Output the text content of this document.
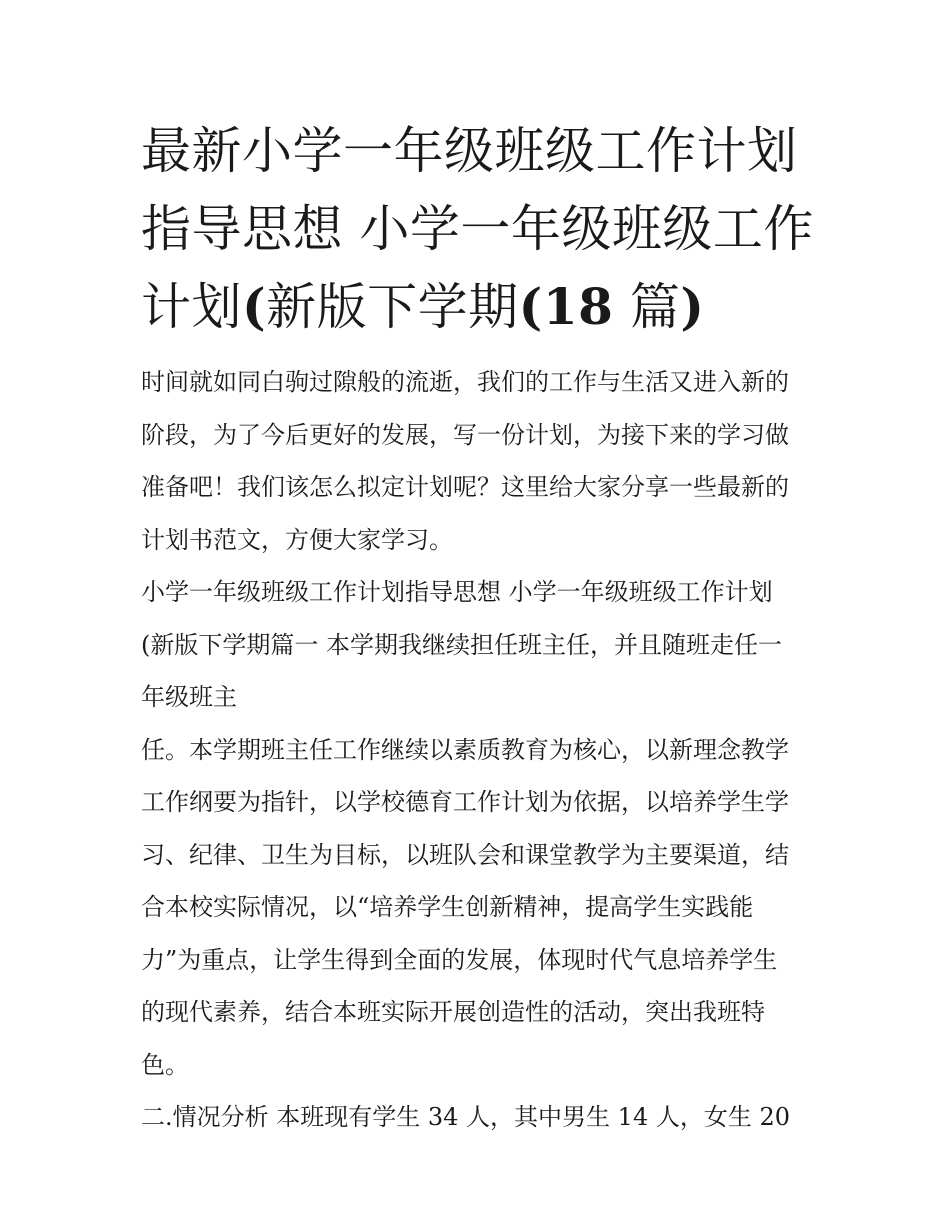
最新小学一年级班级工作计划
指导思想 小学一年级班级工作
计划(新版下学期(18 篇)

时间就如同白驹过隙般的流逝，我们的工作与生活又进入新的
阶段，为了今后更好的发展，写一份计划，为接下来的学习做
准备吧！我们该怎么拟定计划呢？这里给大家分享一些最新的
计划书范文，方便大家学习。

小学一年级班级工作计划指导思想 小学一年级班级工作计划
(新版下学期篇一 本学期我继续担任班主任，并且随班走任一
年级班主

任。本学期班主任工作继续以素质教育为核心，以新理念教学
工作纲要为指针，以学校德育工作计划为依据，以培养学生学
习、纪律、卫生为目标，以班队会和课堂教学为主要渠道，结
合本校实际情况，以“培养学生创新精神，提高学生实践能
力”为重点，让学生得到全面的发展，体现时代气息培养学生
的现代素养，结合本班实际开展创造性的活动，突出我班特
色。

二.情况分析 本班现有学生 34 人，其中男生 14 人，女生 20
